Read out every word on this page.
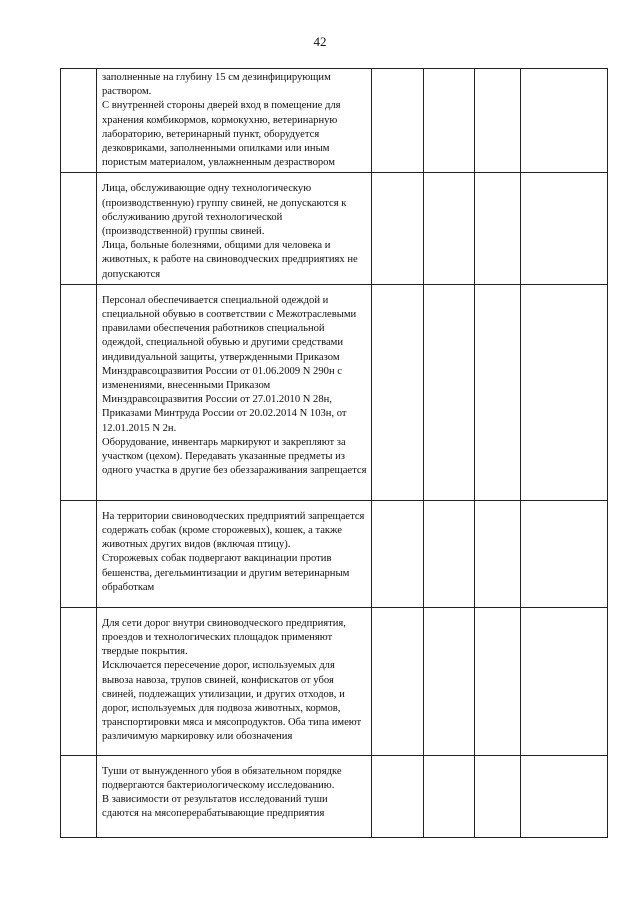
42

	заполненные на глубину 15 см дезинфицирующим раствором.

С внутренней стороны дверей вход в помещение для хранения комбикормов, кормокухню, ветеринарную лабораторию, ветеринарный пункт, оборудуется дезковриками, заполненными опилками или иным пористым материалом, увлажненным дезраствором				

	Лица, обслуживающие одну технологическую (производственную) группу свиней, не допускаются к обслуживанию другой технологической (производственной) группы свиней.

Лица, больные болезнями, общими для человека и животных, к работе на свиноводческих предприятиях не допускаются				

	Персонал обеспечивается специальной одеждой и специальной обувью в соответствии с Межотраслевыми правилами обеспечения работников специальной одеждой, специальной обувью и другими средствами индивидуальной защиты, утвержденными Приказом Минздравсоцразвития России от 01.06.2009 N 290н с изменениями, внесенными Приказом Минздравсоцразвития России от 27.01.2010 N 28н, Приказами Минтруда России от 20.02.2014 N 103н, от 12.01.2015 N 2н.

Оборудование, инвентарь маркируют и закрепляют за участком (цехом). Передавать указанные предметы из одного участка в другие без обеззараживания запрещается				

	На территории свиноводческих предприятий запрещается содержать собак (кроме сторожевых), кошек, а также животных других видов (включая птицу).

Сторожевых собак подвергают вакцинации против бешенства, дегельминтизации и другим ветеринарным обработкам				

	Для сети дорог внутри свиноводческого предприятия, проездов и технологических площадок применяют твердые покрытия.

Исключается пересечение дорог, используемых для вывоза навоза, трупов свиней, конфискатов от убоя свиней, подлежащих утилизации, и других отходов, и дорог, используемых для подвоза животных, кормов, транспортировки мяса и мясопродуктов. Оба типа имеют различимую маркировку или обозначения				

	Туши от вынужденного убоя в обязательном порядке подвергаются бактериологическому исследованию.

В зависимости от результатов исследований туши сдаются на мясоперерабатывающие предприятия				
